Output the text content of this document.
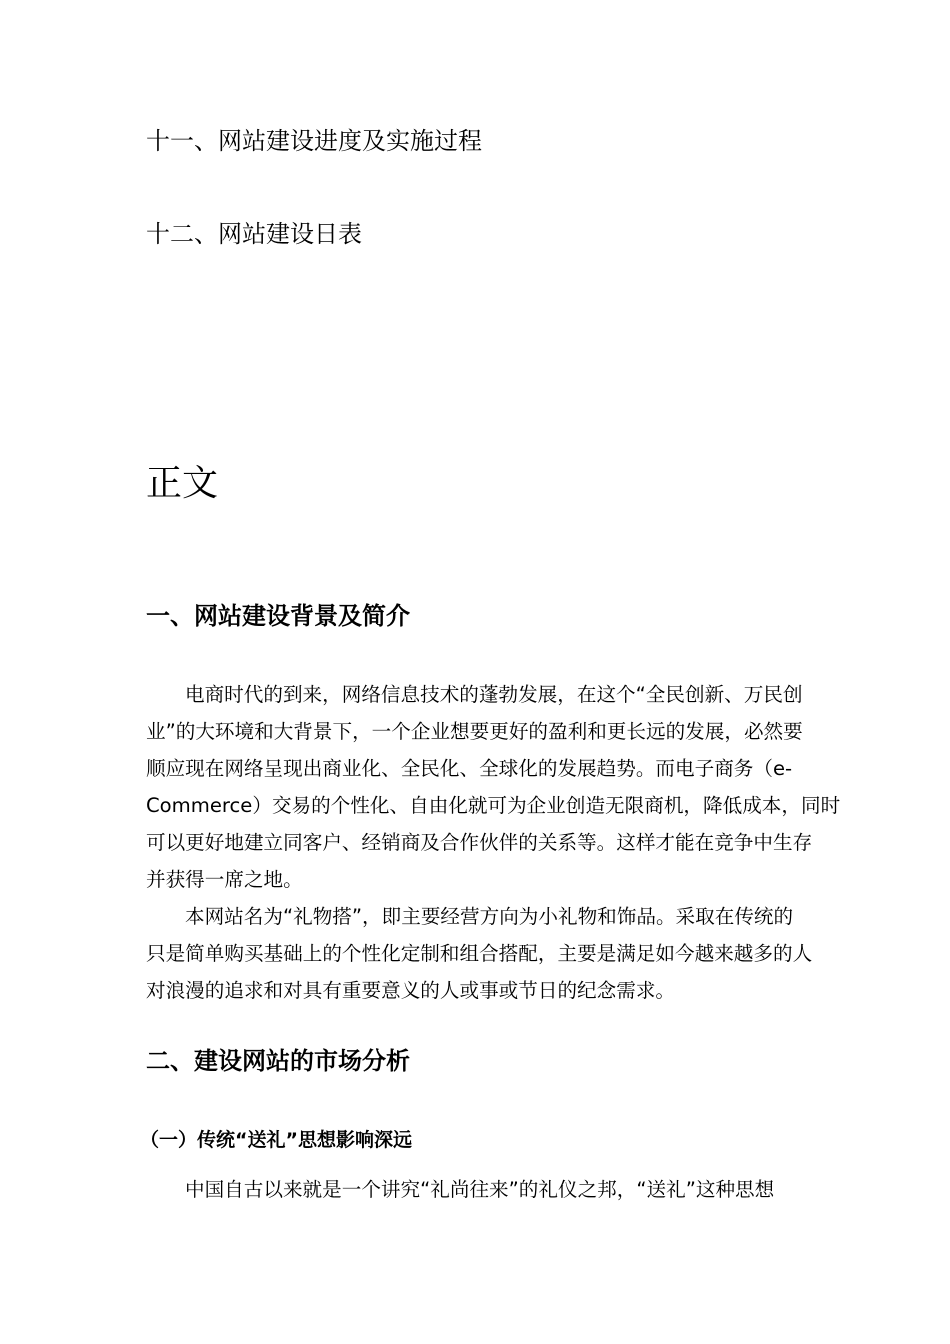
十一、网站建设进度及实施过程
十二、网站建设日表
正文
一、网站建设背景及简介
电商时代的到来，网络信息技术的蓬勃发展，在这个“全民创新、万民创
业”的大环境和大背景下，一个企业想要更好的盈利和更长远的发展，必然要
顺应现在网络呈现出商业化、全民化、全球化的发展趋势。而电子商务（e-
Commerce）交易的个性化、自由化就可为企业创造无限商机，降低成本，同时
可以更好地建立同客户、经销商及合作伙伴的关系等。这样才能在竞争中生存
并获得一席之地。
本网站名为“礼物搭”，即主要经营方向为小礼物和饰品。采取在传统的
只是简单购买基础上的个性化定制和组合搭配，主要是满足如今越来越多的人
对浪漫的追求和对具有重要意义的人或事或节日的纪念需求。
二、建设网站的市场分析
（一）传统“送礼”思想影响深远
中国自古以来就是一个讲究“礼尚往来”的礼仪之邦，“送礼”这种思想
